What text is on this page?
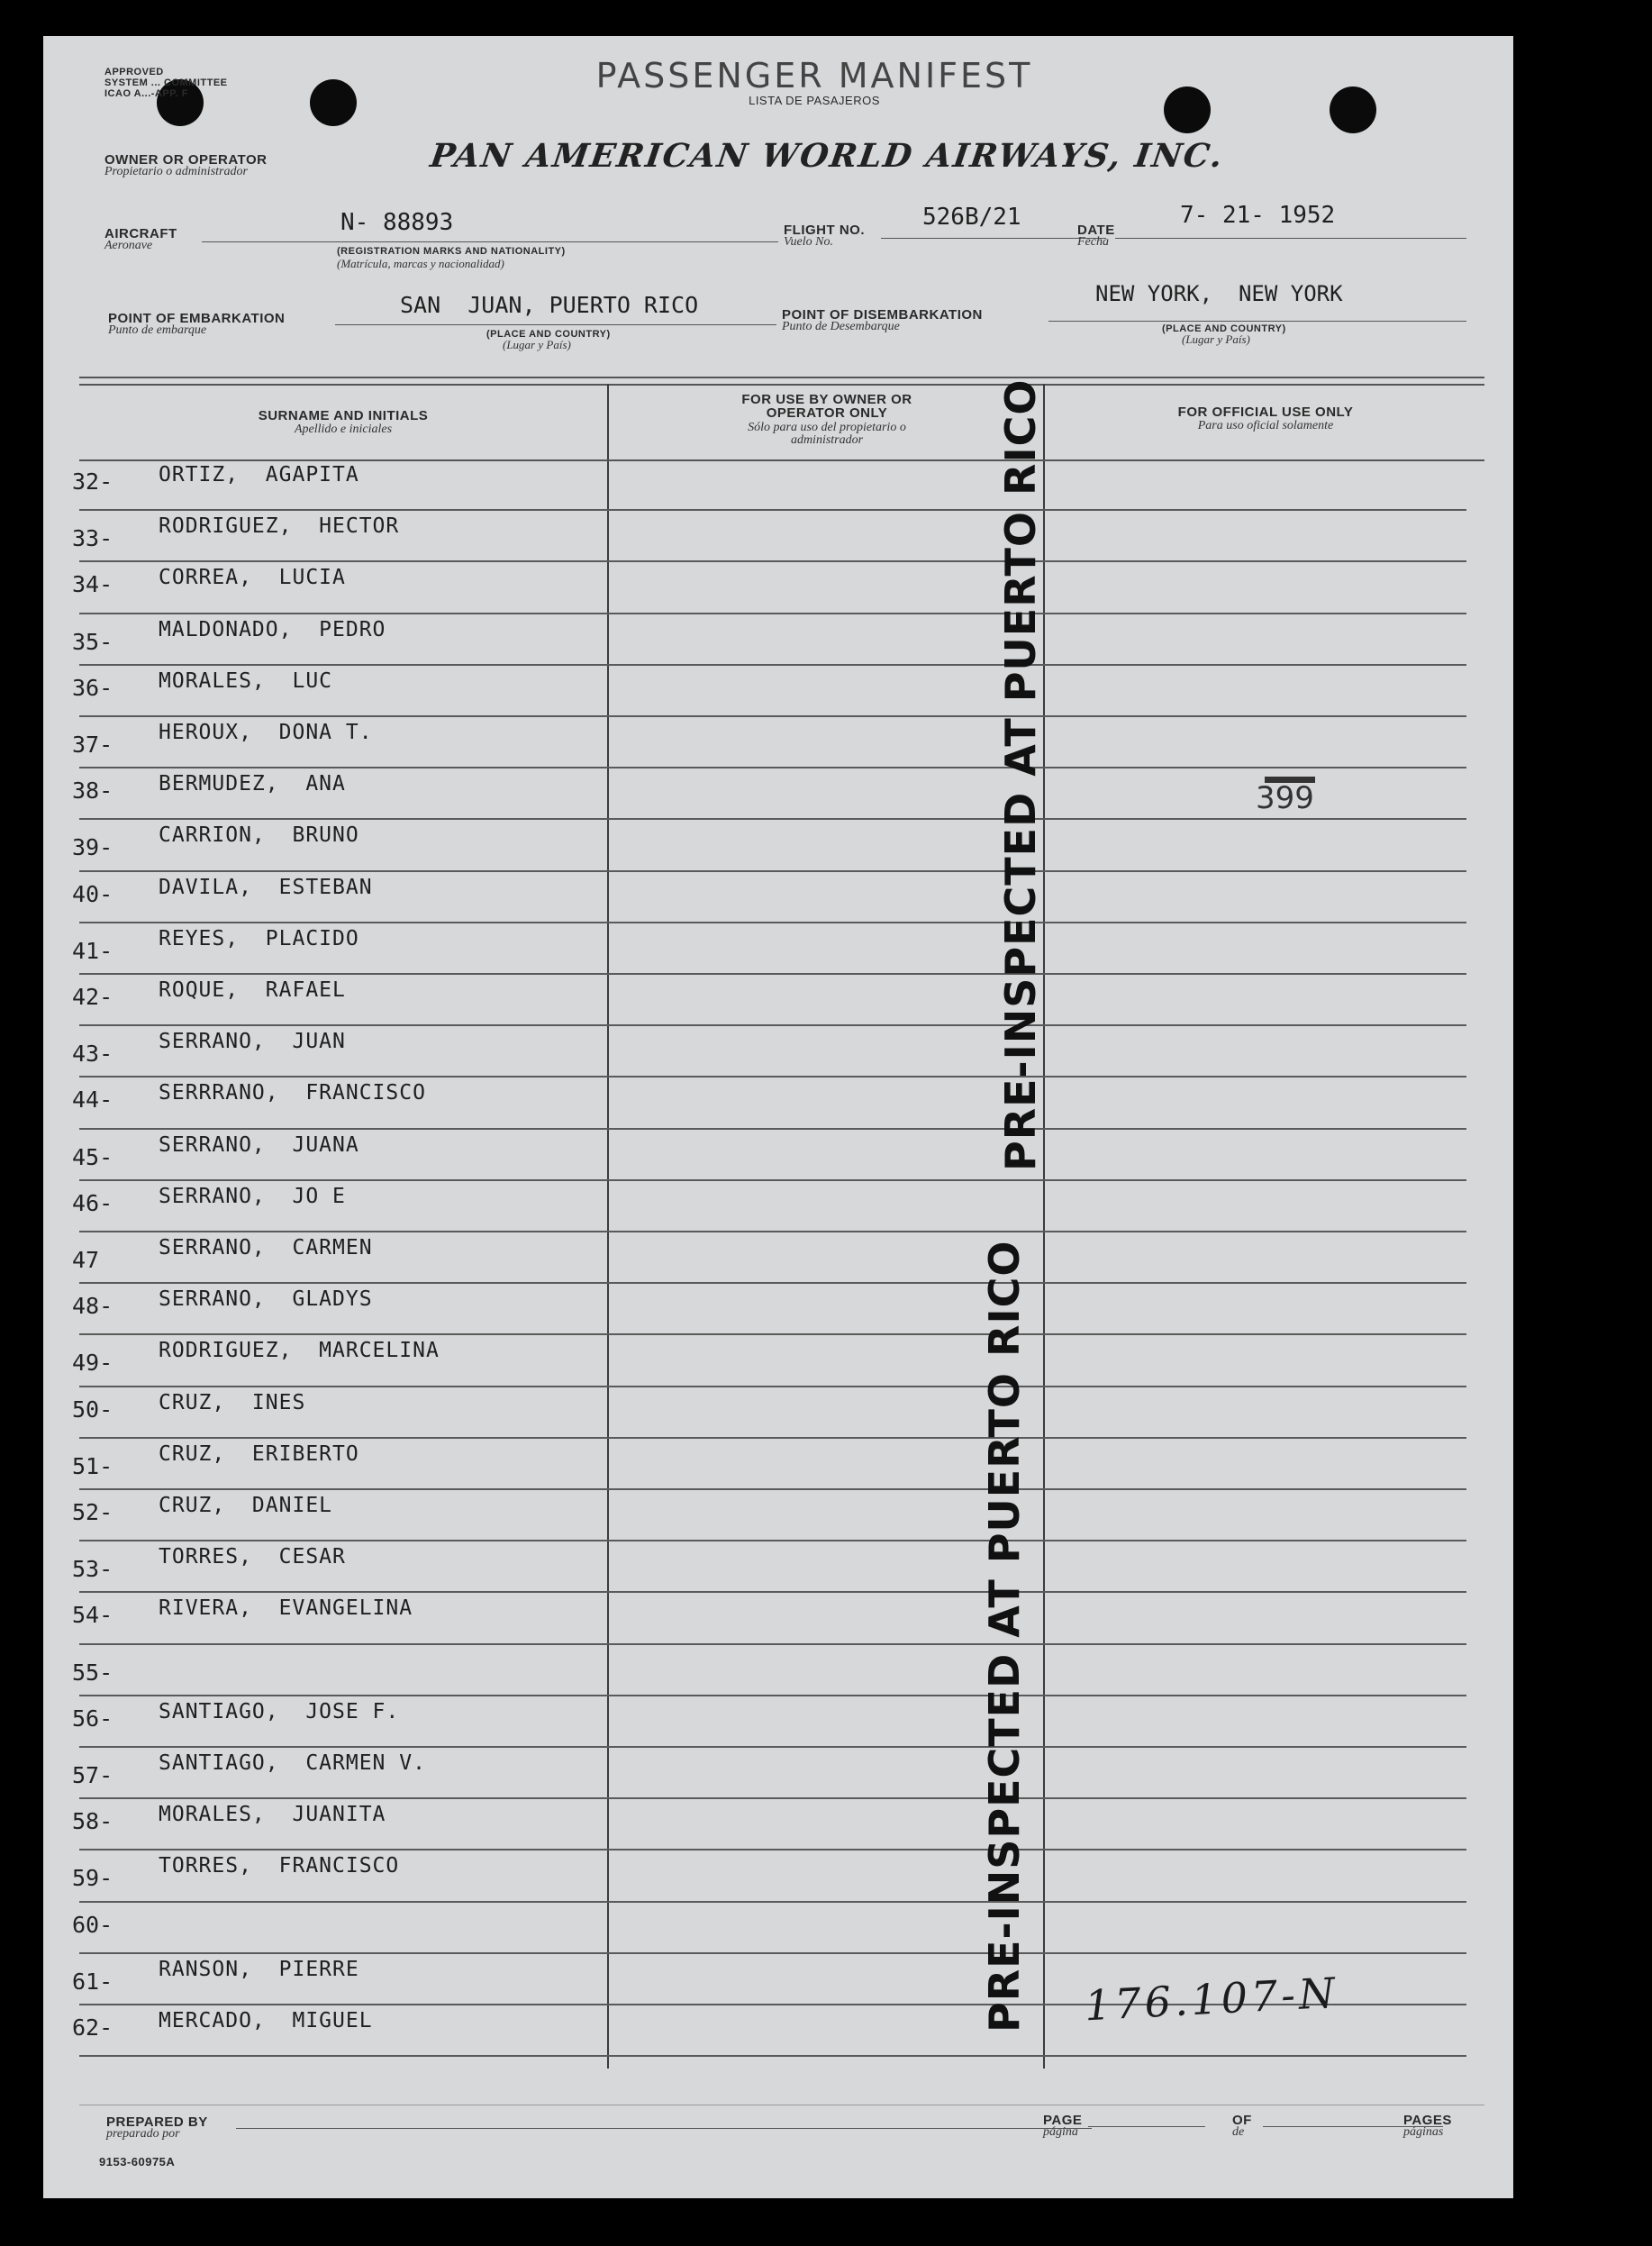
APPROVED
SYSTEM ... COMMITTEE
ICAO A...-APP. F	PASSENGER MANIFEST
LISTA DE PASAJEROS
OWNER OR OPERATOR
Propietario o administrador	PAN AMERICAN WORLD AIRWAYS, INC.
AIRCRAFT
Aeronave
N- 88893
(REGISTRATION MARKS AND NATIONALITY)
(Matrícula, marcas y nacionalidad)
FLIGHT NO.
Vuelo No.
526B/21	DATE
Fecha
7- 21- 1952
POINT OF EMBARKATION
Punto de embarque
SAN  JUAN, PUERTO RICO
(PLACE AND COUNTRY)
(Lugar y País)
POINT OF DISEMBARKATION
Punto de Desembarque
NEW YORK,  NEW YORK
(PLACE AND COUNTRY)
(Lugar y País)
SURNAME AND INITIALS
Apellido e iniciales
FOR USE BY OWNER OR OPERATOR ONLY
Sólo para uso del propietario o administrador
FOR OFFICIAL USE ONLY
Para uso oficial solamente
32-	ORTIZ,  AGAPITA
33-	RODRIGUEZ,  HECTOR
34-	CORREA,  LUCIA
35-	MALDONADO,  PEDRO
36-	MORALES,  LUC
37-	HEROUX,  DONA T.
38-	BERMUDEZ,  ANA
39-	CARRION,  BRUNO
40-	DAVILA,  ESTEBAN
41-	REYES,  PLACIDO
42-	ROQUE,  RAFAEL
43-	SERRANO,  JUAN
44-	SERRRANO,  FRANCISCO
45-	SERRANO,  JUANA
46-	SERRANO,  JO E
47	SERRANO,  CARMEN
48-	SERRANO,  GLADYS
49-	RODRIGUEZ,  MARCELINA
50-	CRUZ,  INES
51-	CRUZ,  ERIBERTO
52-	CRUZ,  DANIEL
53-	TORRES,  CESAR
54-	RIVERA,  EVANGELINA
55-
56-	SANTIAGO,  JOSE F.
57-	SANTIAGO,  CARMEN V.
58-	MORALES,  JUANITA
59-	TORRES,  FRANCISCO
60-
61-	RANSON,  PIERRE
62-	MERCADO,  MIGUEL
399
176.107-N
PRE-INSPECTED AT PUERTO RICO
PRE-INSPECTED AT PUERTO RICO
PREPARED BY
preparado por
PAGE
página
OF
de
PAGES
páginas
9153-60975A
